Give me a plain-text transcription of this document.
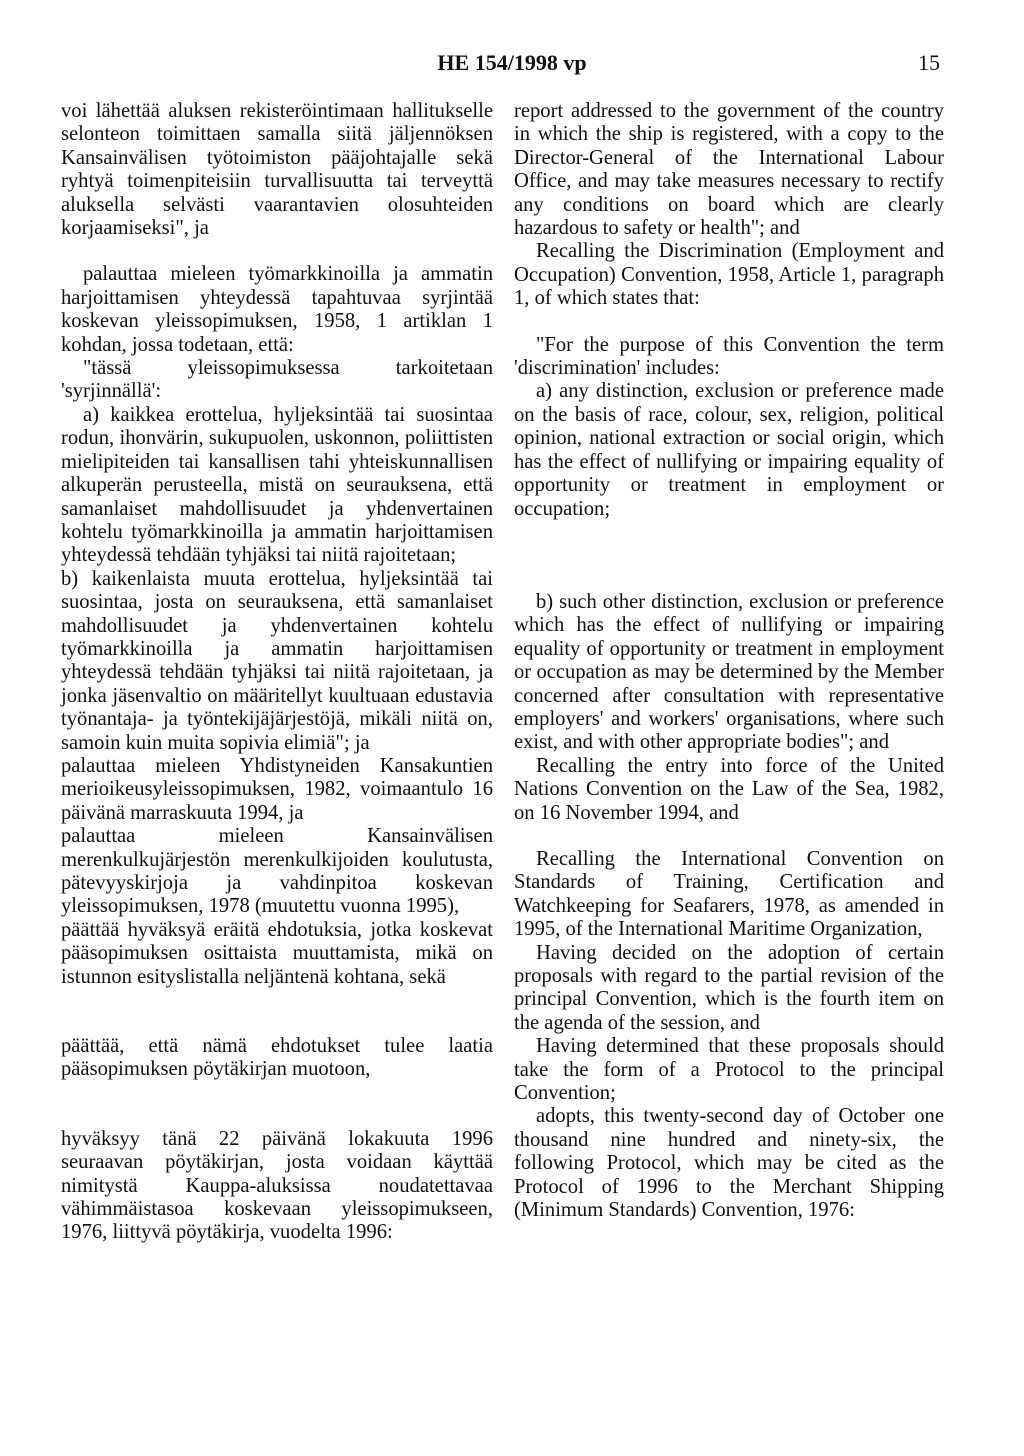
HE 154/1998 vp	15

voi lähettää aluksen rekisteröintimaan hallitukselle selonteon toimittaen samalla siitä jäljennöksen Kansainvälisen työtoimiston pääjohtajalle sekä ryhtyä toimenpiteisiin turvallisuutta tai terveyttä aluksella selvästi vaarantavien olosuhteiden korjaamiseksi", ja

palauttaa mieleen työmarkkinoilla ja ammatin harjoittamisen yhteydessä tapahtuvaa syrjintää koskevan yleissopimuksen, 1958, 1 artiklan 1 kohdan, jossa todetaan, että:

"tässä yleissopimuksessa tarkoitetaan 'syrjinnällä':

a) kaikkea erottelua, hyljeksintää tai suosintaa rodun, ihonvärin, sukupuolen, uskonnon, poliittisten mielipiteiden tai kansallisen tahi yhteiskunnallisen alkuperän perusteella, mistä on seurauksena, että samanlaiset mahdollisuudet ja yhdenvertainen kohtelu työmarkkinoilla ja ammatin harjoittamisen yhteydessä tehdään tyhjäksi tai niitä rajoitetaan;

b) kaikenlaista muuta erottelua, hyljeksintää tai suosintaa, josta on seurauksena, että samanlaiset mahdollisuudet ja yhdenvertainen kohtelu työmarkkinoilla ja ammatin harjoittamisen yhteydessä tehdään tyhjäksi tai niitä rajoitetaan, ja jonka jäsenvaltio on määritellyt kuultuaan edustavia työnantaja- ja työntekijäjärjestöjä, mikäli niitä on, samoin kuin muita sopivia elimiä"; ja

palauttaa mieleen Yhdistyneiden Kansakuntien merioikeusyleissopimuksen, 1982, voimaantulo 16 päivänä marraskuuta 1994, ja

palauttaa mieleen Kansainvälisen merenkulkujärjestön merenkulkijoiden koulutusta, pätevyyskirjoja ja vahdinpitoa koskevan yleissopimuksen, 1978 (muutettu vuonna 1995),

päättää hyväksyä eräitä ehdotuksia, jotka koskevat pääsopimuksen osittaista muuttamista, mikä on istunnon esityslistalla neljäntenä kohtana, sekä

päättää, että nämä ehdotukset tulee laatia pääsopimuksen pöytäkirjan muotoon,

hyväksyy tänä 22 päivänä lokakuuta 1996 seuraavan pöytäkirjan, josta voidaan käyttää nimitystä Kauppa-aluksissa noudatettavaa vähimmäistasoa koskevaan yleissopimukseen, 1976, liittyvä pöytäkirja, vuodelta 1996:

report addressed to the government of the country in which the ship is registered, with a copy to the Director-General of the International Labour Office, and may take measures necessary to rectify any conditions on board which are clearly hazardous to safety or health"; and

Recalling the Discrimination (Employment and Occupation) Convention, 1958, Article 1, paragraph 1, of which states that:

"For the purpose of this Convention the term 'discrimination' includes:

a) any distinction, exclusion or preference made on the basis of race, colour, sex, religion, political opinion, national extraction or social origin, which has the effect of nullifying or impairing equality of opportunity or treatment in employment or occupation;

b) such other distinction, exclusion or preference which has the effect of nullifying or impairing equality of opportunity or treatment in employment or occupation as may be determined by the Member concerned after consultation with representative employers' and workers' organisations, where such exist, and with other appropriate bodies"; and

Recalling the entry into force of the United Nations Convention on the Law of the Sea, 1982, on 16 November 1994, and

Recalling the International Convention on Standards of Training, Certification and Watchkeeping for Seafarers, 1978, as amended in 1995, of the International Maritime Organization,

Having decided on the adoption of certain proposals with regard to the partial revision of the principal Convention, which is the fourth item on the agenda of the session, and

Having determined that these proposals should take the form of a Protocol to the principal Convention;

adopts, this twenty-second day of October one thousand nine hundred and ninety-six, the following Protocol, which may be cited as the Protocol of 1996 to the Merchant Shipping (Minimum Standards) Convention, 1976:
